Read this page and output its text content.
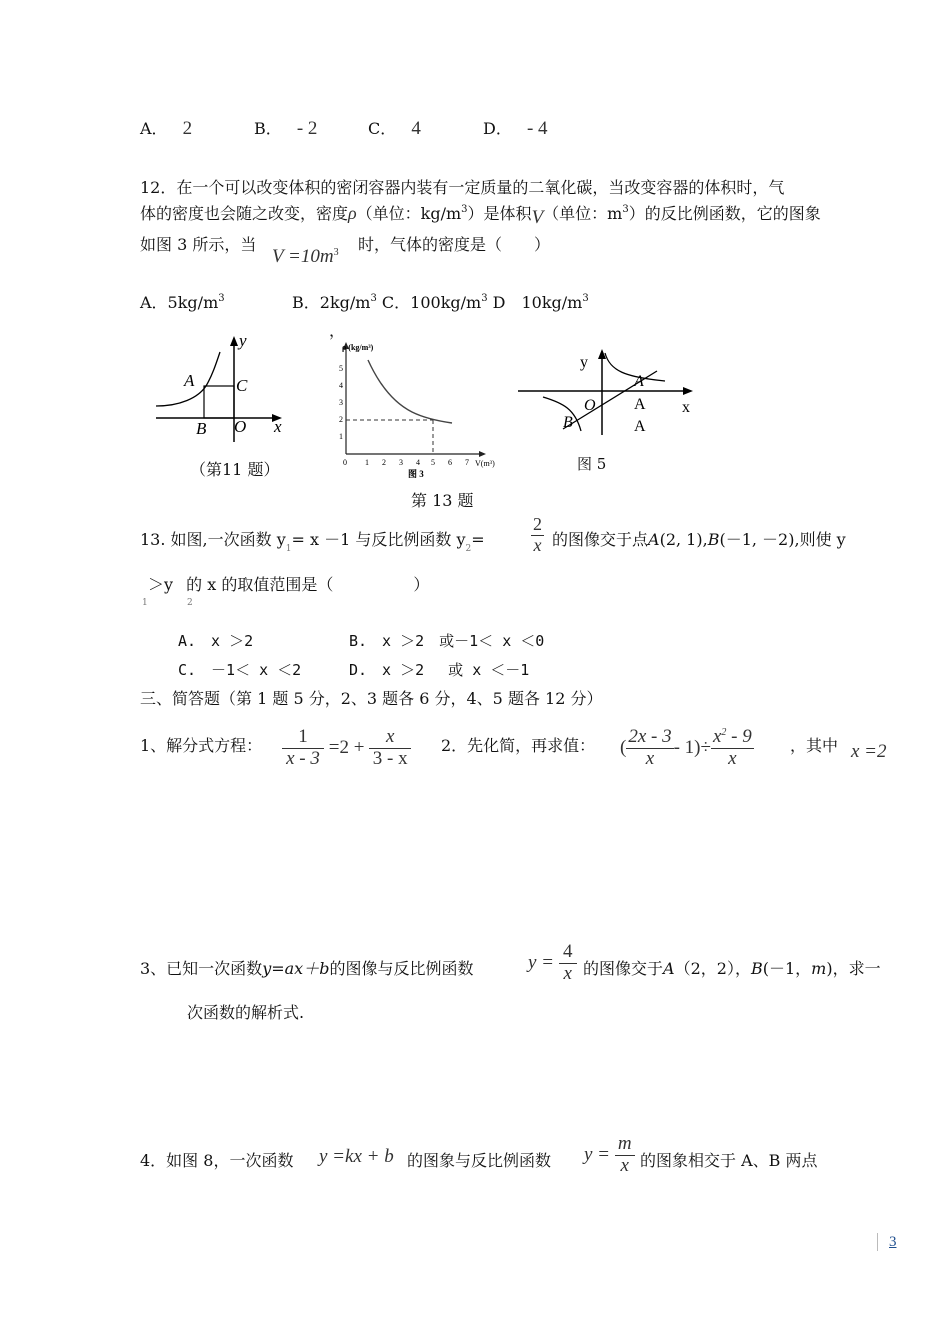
A． 2	B． - 2	C． 4	D． - 4
12．在一个可以改变体积的密闭容器内装有一定质量的二氧化碳，当改变容器的体积时，气
体的密度也会随之改变，密度ρ（单位：$kg/m^3$）是体积V（单位：$m^3$）的反比例函数，它的图象
如图 3 所示，当
$V =10m^3$ 时，气体的密度是（　　）
A．$5kg/m^3$	B．$2kg/m^3$ C．$100kg/m^3$ D　$10kg/m^3$
，
y
A C
B O x
（第11 题）
ρ (kg/m³)
V(m³)
5
4
3
2
1
0 1 2 3 4 5 6 7
图 3
y
A
A
A
O
B
x
图 5
第 13 题
13. 如图,一次函数 $y_1= x -1$ 与反比例函数 $y_2=$	$\frac{2}{x}$ 的图像交于点A(2, 1),B(－1, －2),则使 y
＞y 的 x 的取值范围是（　　　　　）
1	2
A.　x ＞2	B.　x ＞2　或－1＜ x ＜0
C.　－1＜ x ＜2	D.　x ＞2　 或 x ＜－1
三、简答题（第 1 题 5 分，2、3 题各 6 分，4、5 题各 12 分）
1、解分式方程： $\frac{1}{x - 3} =2 + \frac{x}{3 - x} 2$．先化简，再求值： ( $\frac{2x - 3}{x} - 1)\div \frac{x^2 - 9}{x}$ ，其中 x =2
3、已知一次函数y=ax＋b的图像与反比例函数	$y = \frac{4}{x}$ 的图像交于A（2，2），B(－1，m)，求一
次函数的解析式.
4．如图 8，一次函数 y =kx + b 的图象与反比例函数 $y = \frac{m}{x}$ 的图象相交于 A、B 两点
3
